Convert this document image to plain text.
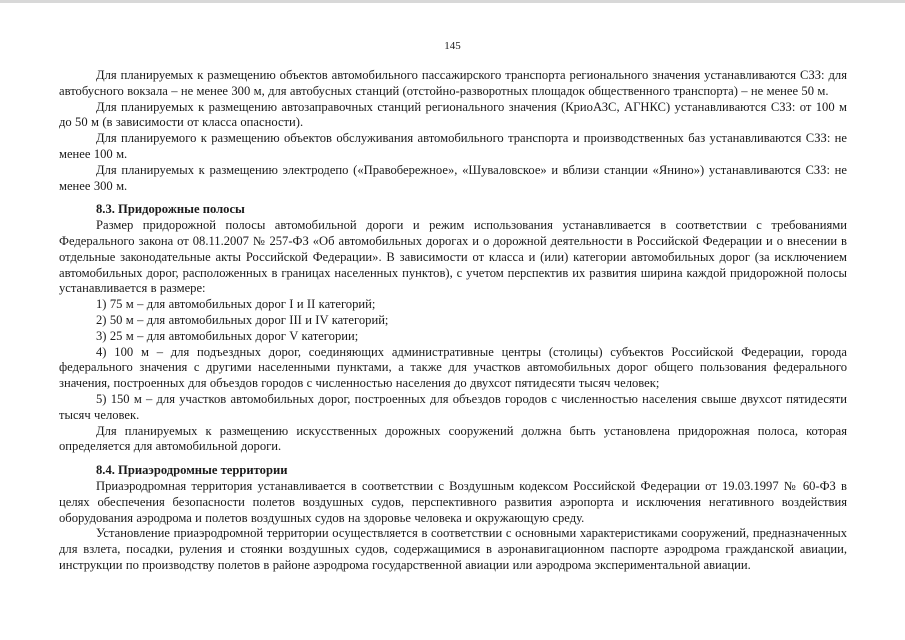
145

Для планируемых к размещению объектов автомобильного пассажирского транспорта регионального значения устанавливаются СЗЗ: для автобусного вокзала – не менее 300 м, для автобусных станций (отстойно-разворотных площадок общественного транспорта) – не менее 50 м.

Для планируемых к размещению автозаправочных станций регионального значения (КриоАЗС, АГНКС) устанавливаются СЗЗ: от 100 м до 50 м (в зависимости от класса опасности).

Для планируемого к размещению объектов обслуживания автомобильного транспорта и производственных баз устанавливаются СЗЗ: не менее 100 м.

Для планируемых к размещению электродепо («Правобережное», «Шуваловское» и вблизи станции «Янино») устанавливаются СЗЗ: не менее 300 м.

8.3. Придорожные полосы

Размер придорожной полосы автомобильной дороги и режим использования устанавливается в соответствии с требованиями Федерального закона от 08.11.2007 № 257-ФЗ «Об автомобильных дорогах и о дорожной деятельности в Российской Федерации и о внесении в отдельные законодательные акты Российской Федерации». В зависимости от класса и (или) категории автомобильных дорог (за исключением автомобильных дорог, расположенных в границах населенных пунктов), с учетом перспектив их развития ширина каждой придорожной полосы устанавливается в размере:

1) 75 м – для автомобильных дорог I и II категорий;

2) 50 м – для автомобильных дорог III и IV категорий;

3) 25 м – для автомобильных дорог V категории;

4) 100 м – для подъездных дорог, соединяющих административные центры (столицы) субъектов Российской Федерации, города федерального значения с другими населенными пунктами, а также для участков автомобильных дорог общего пользования федерального значения, построенных для объездов городов с численностью населения до двухсот пятидесяти тысяч человек;

5) 150 м – для участков автомобильных дорог, построенных для объездов городов с численностью населения свыше двухсот пятидесяти тысяч человек.

Для планируемых к размещению искусственных дорожных сооружений должна быть установлена придорожная полоса, которая определяется для автомобильной дороги.

8.4. Приаэродромные территории

Приаэродромная территория устанавливается в соответствии с Воздушным кодексом Российской Федерации от 19.03.1997 № 60-ФЗ в целях обеспечения безопасности полетов воздушных судов, перспективного развития аэропорта и исключения негативного воздействия оборудования аэродрома и полетов воздушных судов на здоровье человека и окружающую среду.

Установление приаэродромной территории осуществляется в соответствии с основными характеристиками сооружений, предназначенных для взлета, посадки, руления и стоянки воздушных судов, содержащимися в аэронавигационном паспорте аэродрома гражданской авиации, инструкции по производству полетов в районе аэродрома государственной авиации или аэродрома экспериментальной авиации.
